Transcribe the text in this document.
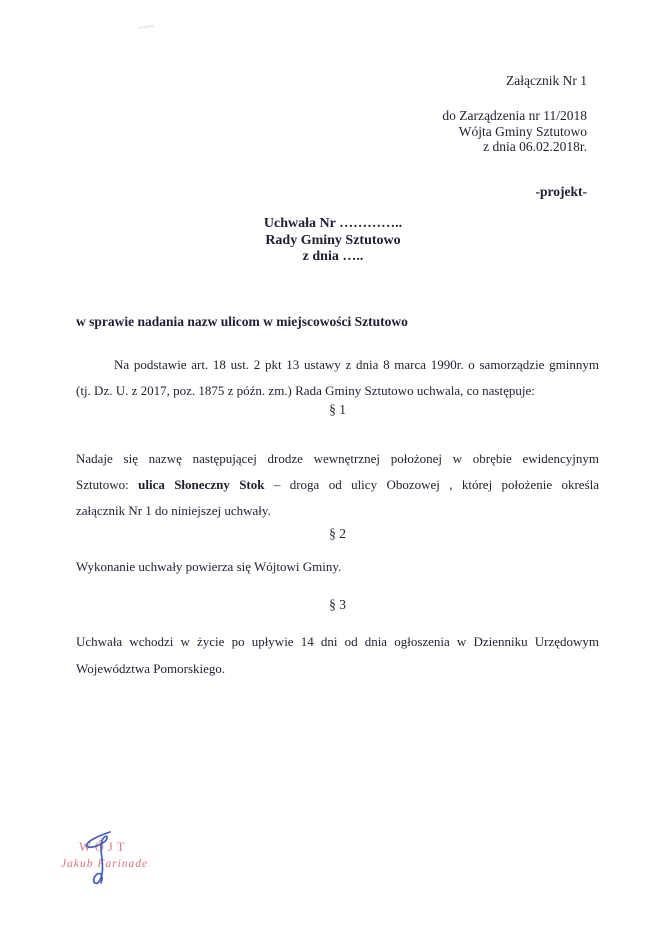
Załącznik Nr 1
do Zarządzenia nr 11/2018
Wójta Gminy Sztutowo
z dnia 06.02.2018r.
-projekt-
Uchwała Nr …………..
Rady Gminy Sztutowo
z dnia …..
w sprawie nadania nazw ulicom w miejscowości Sztutowo
Na podstawie art. 18 ust. 2 pkt 13 ustawy z dnia 8 marca 1990r. o samorządzie gminnym
(tj. Dz. U. z 2017, poz. 1875 z późn. zm.) Rada Gminy Sztutowo uchwala, co następuje:
§ 1
Nadaje się nazwę następującej drodze wewnętrznej położonej w obrębie ewidencyjnym
Sztutowo: ulica Słoneczny Stok – droga od ulicy Obozowej , której położenie określa
załącznik Nr 1 do niniejszej uchwały.
§ 2
Wykonanie uchwały powierza się Wójtowi Gminy.
§ 3
Uchwała wchodzi w życie po upływie 14 dni od dnia ogłoszenia w Dzienniku Urzędowym
Województwa Pomorskiego.
WÓJT
Jakub Farinade
